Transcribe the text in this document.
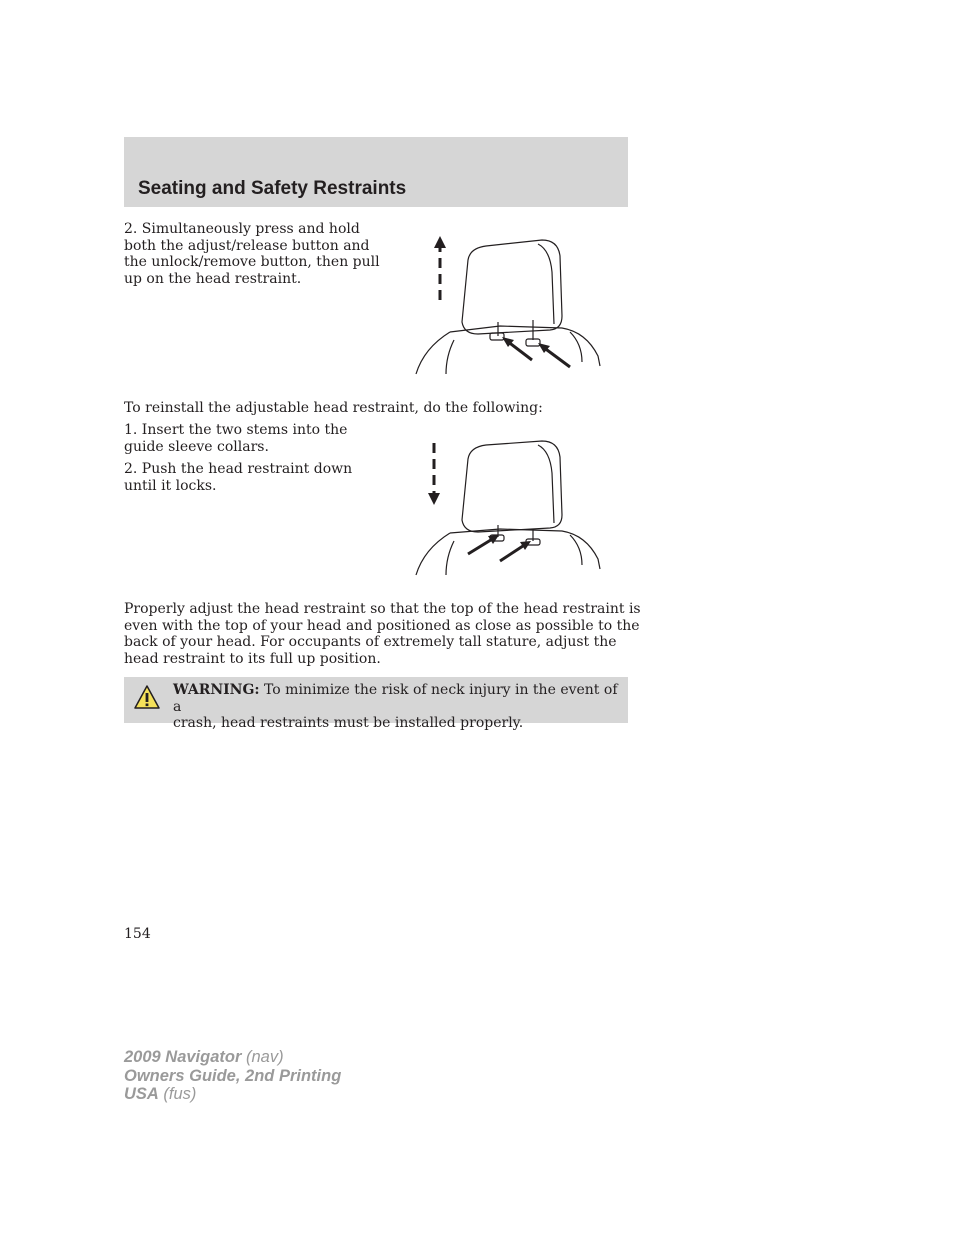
Seating and Safety Restraints
2. Simultaneously press and hold
both the adjust/release button and
the unlock/remove button, then pull
up on the head restraint.

To reinstall the adjustable head restraint, do the following:

1. Insert the two stems into the
guide sleeve collars.
2. Push the head restraint down
until it locks.
Properly adjust the head restraint so that the top of the head restraint is
even with the top of your head and positioned as close as possible to the
back of your head. For occupants of extremely tall stature, adjust the
head restraint to its full up position.
WARNING: To minimize the risk of neck injury in the event of a
crash, head restraints must be installed properly.

154

2009 Navigator (nav)
Owners Guide, 2nd Printing
USA (fus)
